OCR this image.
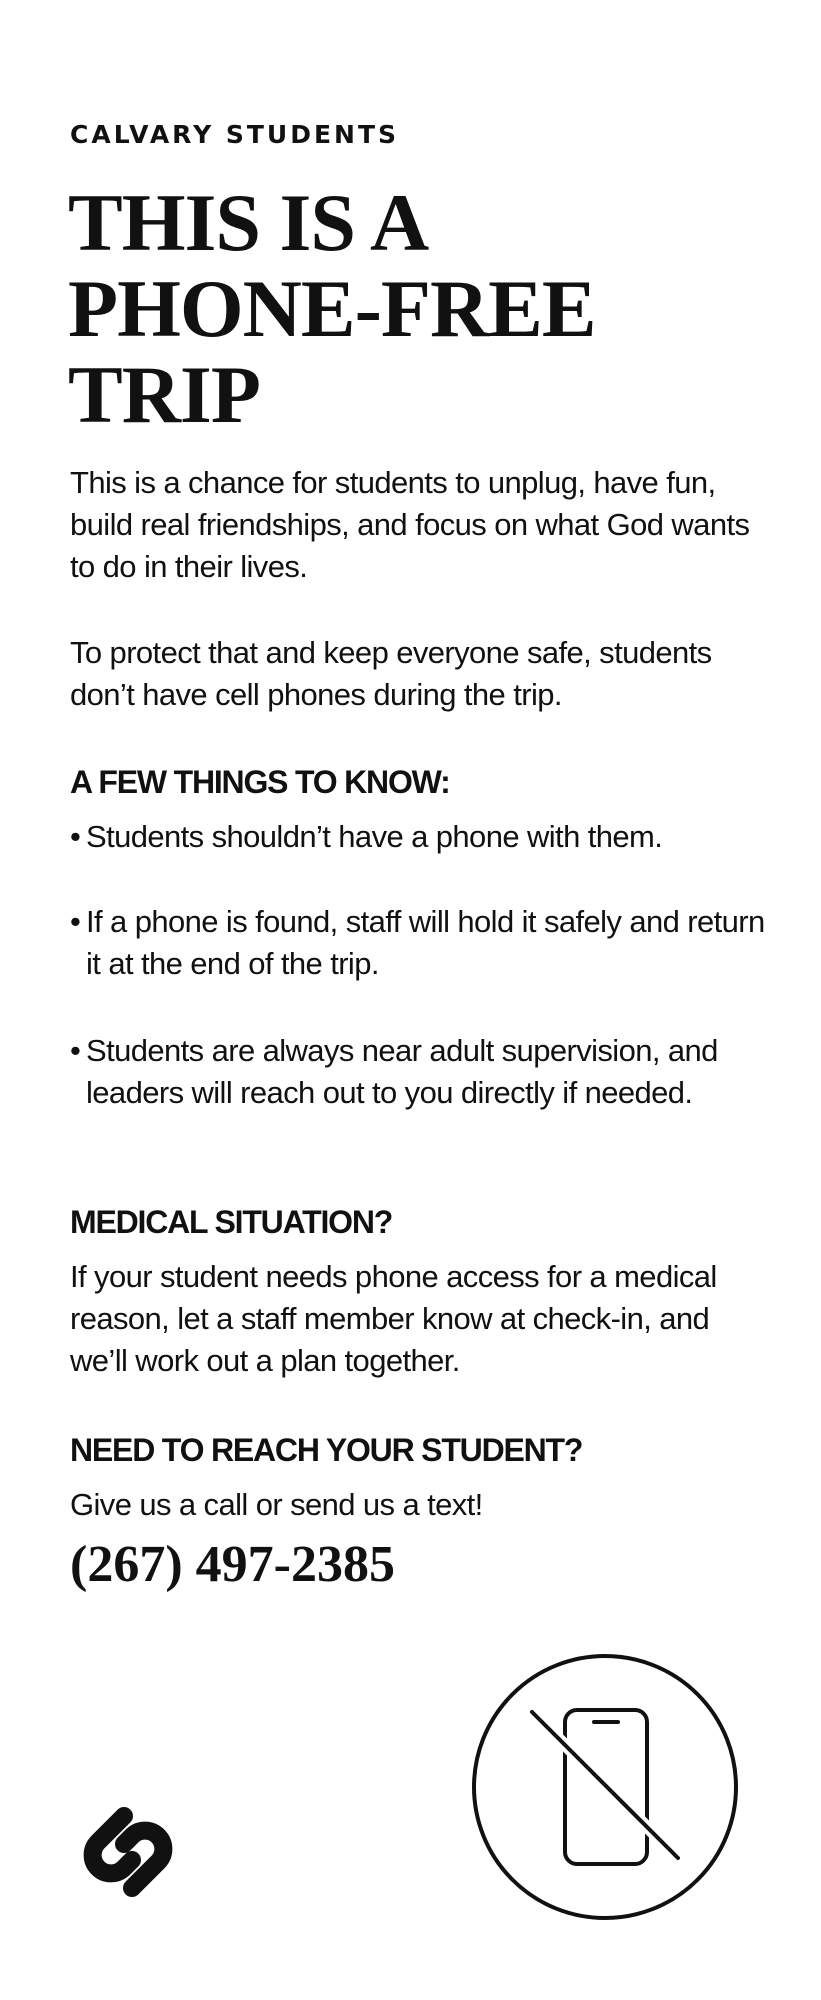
CALVARY STUDENTS

THIS IS A
PHONE-FREE
TRIP

This is a chance for students to unplug, have fun, build real friendships, and focus on what God wants to do in their lives.

To protect that and keep everyone safe, students don’t have cell phones during the trip.

A FEW THINGS TO KNOW:

• Students shouldn’t have a phone with them.

• If a phone is found, staff will hold it safely and return it at the end of the trip.

• Students are always near adult supervision, and leaders will reach out to you directly if needed.

MEDICAL SITUATION?

If your student needs phone access for a medical reason, let a staff member know at check-in, and we’ll work out a plan together.

NEED TO REACH YOUR STUDENT?

Give us a call or send us a text!

(267) 497-2385
